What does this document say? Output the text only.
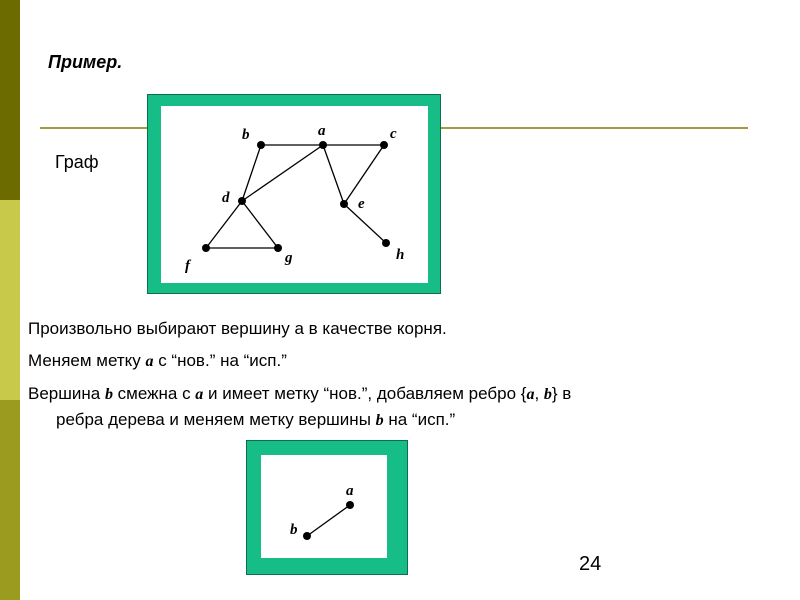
Пример.
Граф
a
b	c
d	e
f	g	h
Произвольно выбирают вершину a в качестве корня.
Меняем метку a с “нов.” на “исп.”
Вершина b смежна с a и имеет метку “нов.”, добавляем ребро {a, b} в
ребра дерева и меняем метку вершины b на “исп.”
a
b
24
